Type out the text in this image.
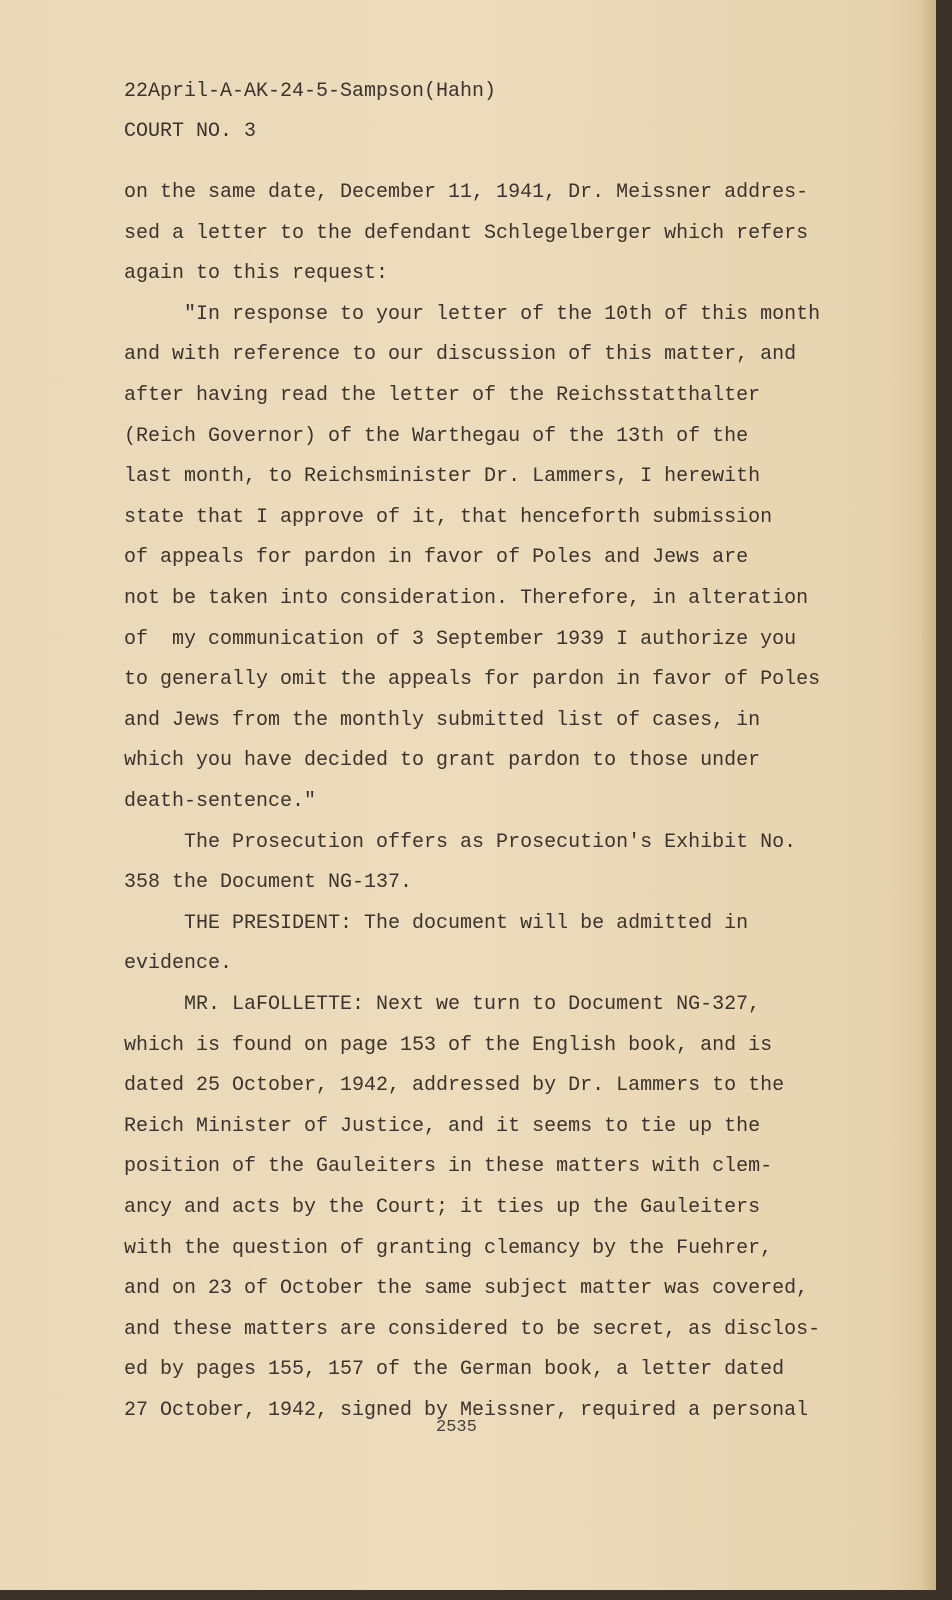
22April-A-AK-24-5-Sampson(Hahn)
COURT NO. 3
on the same date, December 11, 1941, Dr. Meissner addres-
sed a letter to the defendant Schlegelberger which refers
again to this request:
"In response to your letter of the 10th of this month
and with reference to our discussion of this matter, and
after having read the letter of the Reichsstatthalter
(Reich Governor) of the Warthegau of the 13th of the
last month, to Reichsminister Dr. Lammers, I herewith
state that I approve of it, that henceforth submission
of appeals for pardon in favor of Poles and Jews are
not be taken into consideration. Therefore, in alteration
of  my communication of 3 September 1939 I authorize you
to generally omit the appeals for pardon in favor of Poles
and Jews from the monthly submitted list of cases, in
which you have decided to grant pardon to those under
death-sentence."
The Prosecution offers as Prosecution's Exhibit No.
358 the Document NG-137.
THE PRESIDENT: The document will be admitted in
evidence.
MR. LaFOLLETTE: Next we turn to Document NG-327,
which is found on page 153 of the English book, and is
dated 25 October, 1942, addressed by Dr. Lammers to the
Reich Minister of Justice, and it seems to tie up the
position of the Gauleiters in these matters with clem-
ancy and acts by the Court; it ties up the Gauleiters
with the question of granting clemancy by the Fuehrer,
and on 23 of October the same subject matter was covered,
and these matters are considered to be secret, as disclos-
ed by pages 155, 157 of the German book, a letter dated
27 October, 1942, signed by Meissner, required a personal
2535
